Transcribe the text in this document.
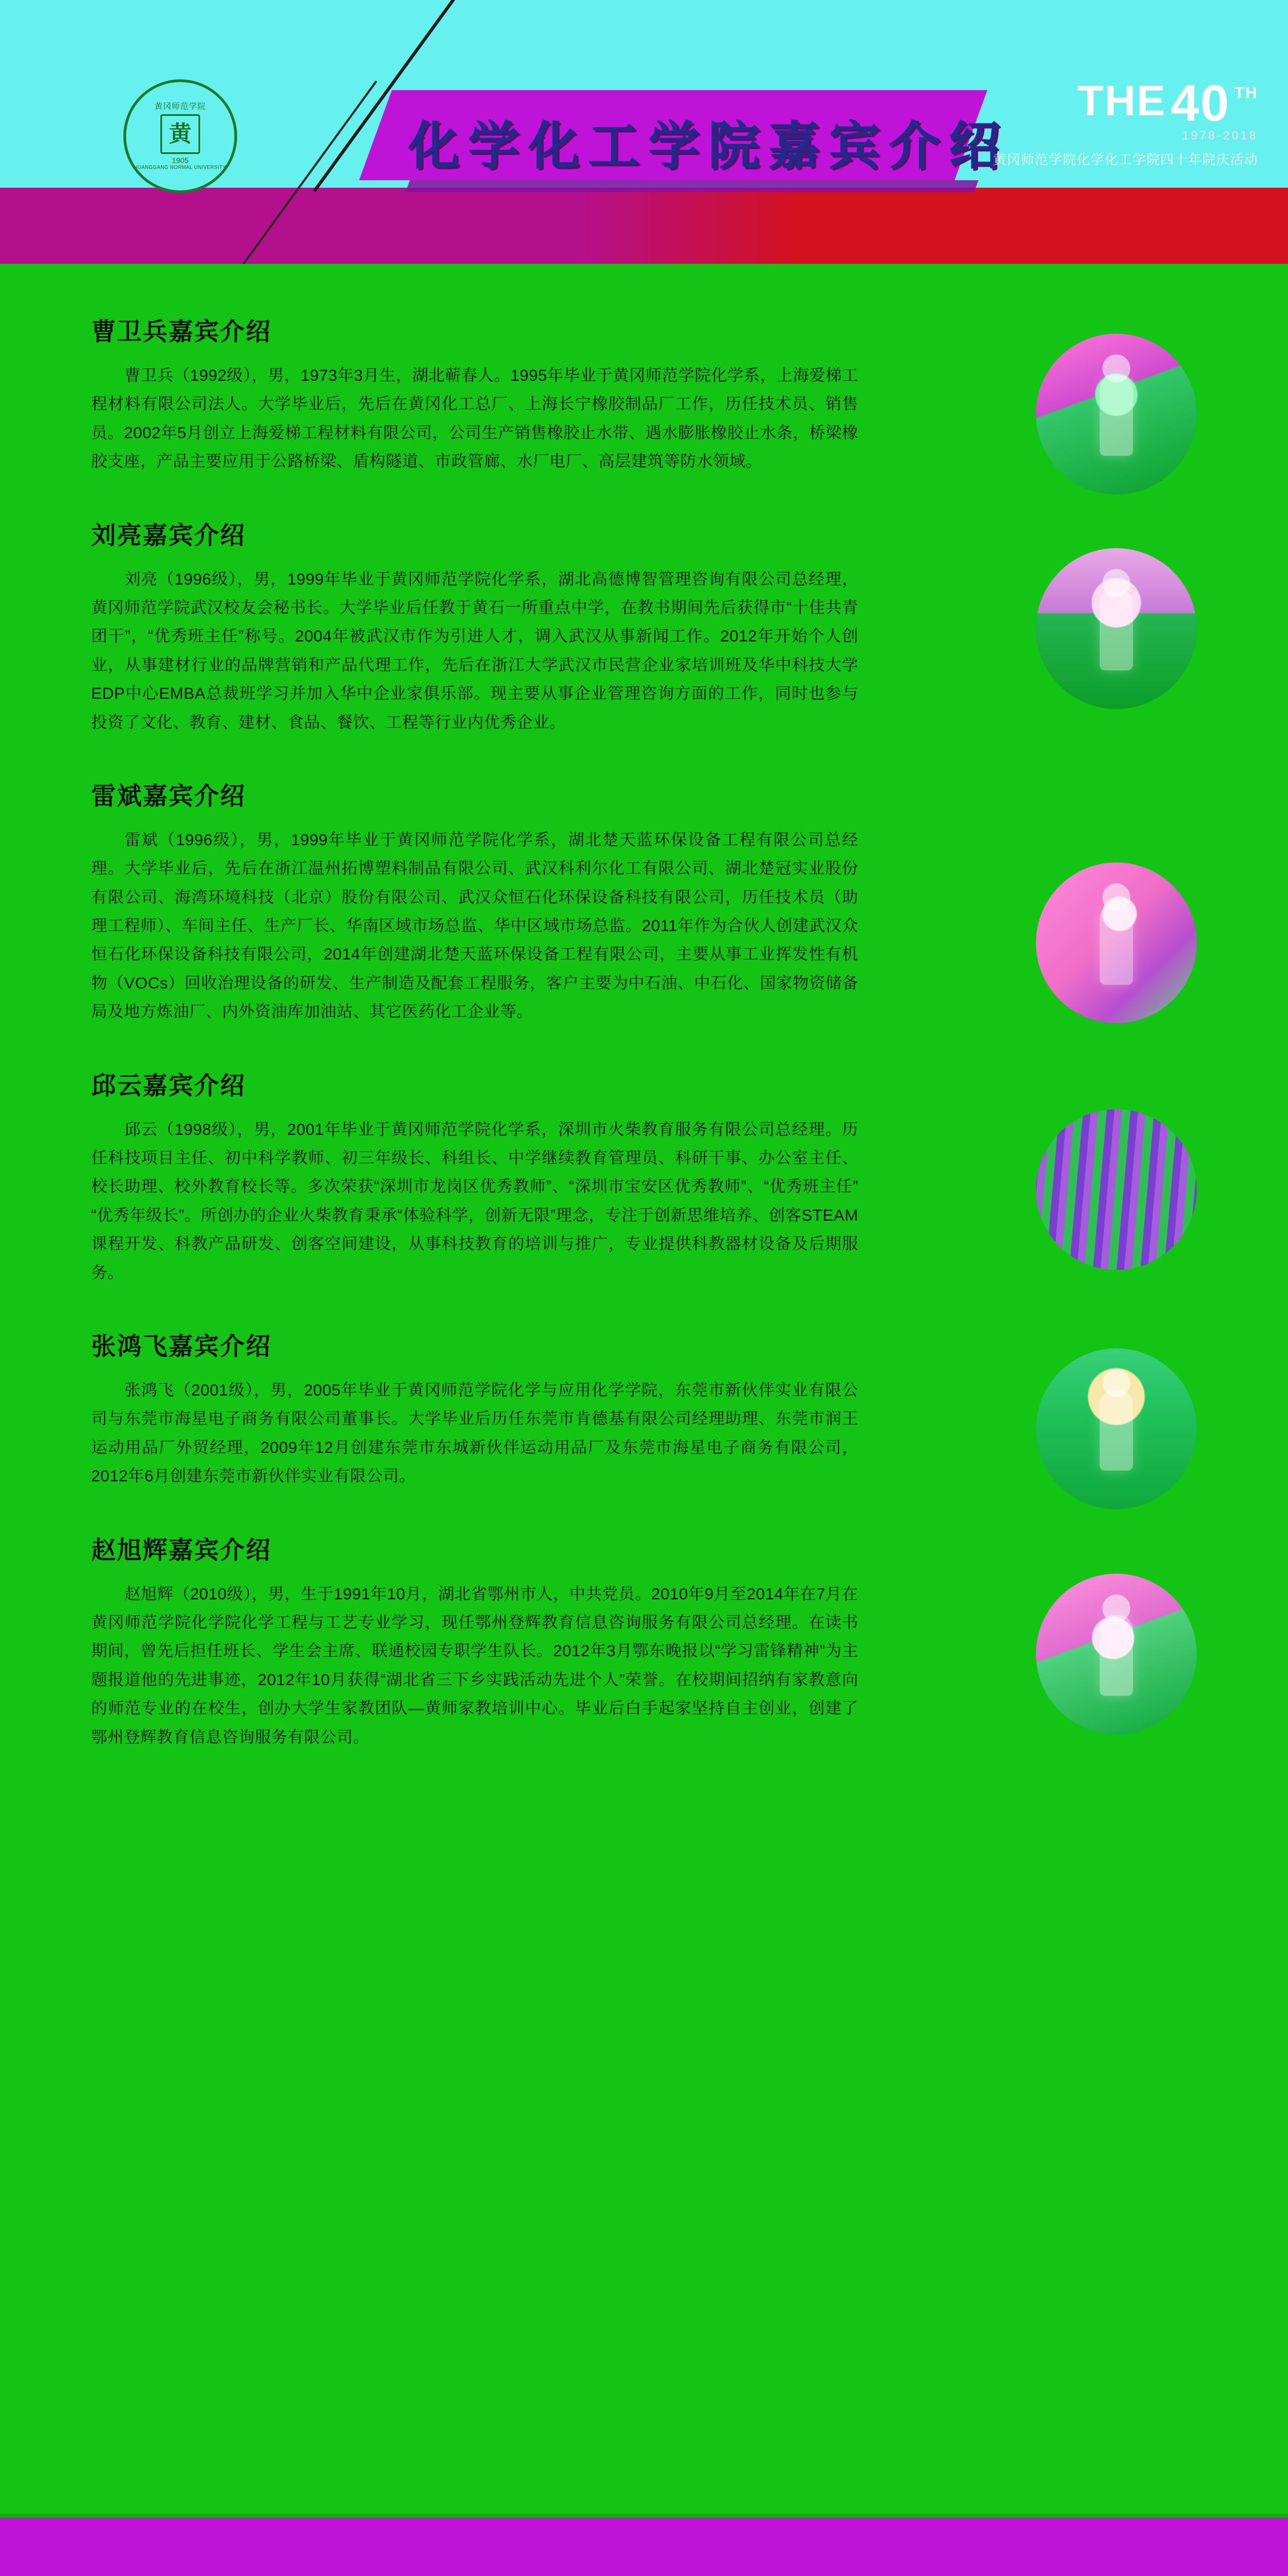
黄冈师范学院
黄
1905
HUANGGANG NORMAL UNIVERSITY	化学化工学院嘉宾介绍
THE 40 TH
1978-2018
黄冈师范学院化学化工学院四十年院庆活动
曹卫兵嘉宾介绍

曹卫兵（1992级），男，1973年3月生，湖北蕲春人。1995年毕业于黄冈师范学院化学系，上海爱梯工程材料有限公司法人。大学毕业后，先后在黄冈化工总厂、上海长宁橡胶制品厂工作，历任技术员、销售员。2002年5月创立上海爱梯工程材料有限公司，公司生产销售橡胶止水带、遇水膨胀橡胶止水条，桥梁橡胶支座，产品主要应用于公路桥梁、盾构隧道、市政管廊、水厂电厂、高层建筑等防水领域。

刘亮嘉宾介绍

刘亮（1996级），男，1999年毕业于黄冈师范学院化学系，湖北高德博智管理咨询有限公司总经理，黄冈师范学院武汉校友会秘书长。大学毕业后任教于黄石一所重点中学，在教书期间先后获得市“十佳共青团干”，“优秀班主任”称号。2004年被武汉市作为引进人才，调入武汉从事新闻工作。2012年开始个人创业，从事建材行业的品牌营销和产品代理工作，先后在浙江大学武汉市民营企业家培训班及华中科技大学EDP中心EMBA总裁班学习并加入华中企业家俱乐部。现主要从事企业管理咨询方面的工作，同时也参与投资了文化、教育、建材、食品、餐饮、工程等行业内优秀企业。

雷斌嘉宾介绍

雷斌（1996级），男，1999年毕业于黄冈师范学院化学系，湖北楚天蓝环保设备工程有限公司总经理。大学毕业后，先后在浙江温州拓博塑料制品有限公司、武汉科利尔化工有限公司、湖北楚冠实业股份有限公司、海湾环境科技（北京）股份有限公司、武汉众恒石化环保设备科技有限公司，历任技术员（助理工程师）、车间主任、生产厂长、华南区域市场总监、华中区域市场总监。2011年作为合伙人创建武汉众恒石化环保设备科技有限公司，2014年创建湖北楚天蓝环保设备工程有限公司，主要从事工业挥发性有机物（VOCs）回收治理设备的研发、生产制造及配套工程服务，客户主要为中石油、中石化、国家物资储备局及地方炼油厂、内外资油库加油站、其它医药化工企业等。

邱云嘉宾介绍

邱云（1998级），男，2001年毕业于黄冈师范学院化学系，深圳市火柴教育服务有限公司总经理。历任科技项目主任、初中科学教师、初三年级长、科组长、中学继续教育管理员、科研干事、办公室主任、校长助理、校外教育校长等。多次荣获“深圳市龙岗区优秀教师”、“深圳市宝安区优秀教师”、“优秀班主任”“优秀年级长”。所创办的企业火柴教育秉承“体验科学，创新无限”理念，专注于创新思维培养、创客STEAM课程开发、科教产品研发、创客空间建设，从事科技教育的培训与推广，专业提供科教器材设备及后期服务。

张鸿飞嘉宾介绍

张鸿飞（2001级），男，2005年毕业于黄冈师范学院化学与应用化学学院，东莞市新伙伴实业有限公司与东莞市海星电子商务有限公司董事长。大学毕业后历任东莞市肯德基有限公司经理助理、东莞市润王运动用品厂外贸经理，2009年12月创建东莞市东城新伙伴运动用品厂及东莞市海星电子商务有限公司，2012年6月创建东莞市新伙伴实业有限公司。

赵旭辉嘉宾介绍

赵旭辉（2010级），男，生于1991年10月，湖北省鄂州市人，中共党员。2010年9月至2014年在7月在黄冈师范学院化学院化学工程与工艺专业学习，现任鄂州登辉教育信息咨询服务有限公司总经理。在读书期间，曾先后担任班长、学生会主席、联通校园专职学生队长。2012年3月鄂东晚报以“学习雷锋精神”为主题报道他的先进事迹，2012年10月获得“湖北省三下乡实践活动先进个人”荣誉。在校期间招纳有家教意向的师范专业的在校生，创办大学生家教团队—黄师家教培训中心。毕业后白手起家坚持自主创业，创建了鄂州登辉教育信息咨询服务有限公司。
